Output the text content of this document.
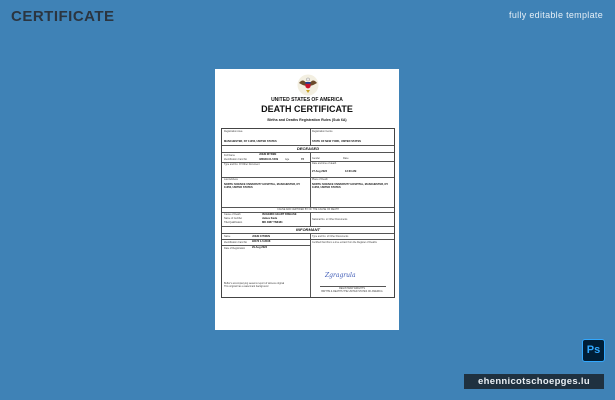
CERTIFICATE	fully editable template
UNITED STATES OF AMERICA
DEATH CERTIFICATE
Births and Deaths Registration Rules (Sub 6A)
Registration Area
MANCHESTER, NY 11356, UNITED STATES
Registration Centre
STATE OF NEW YORK, UNITED STATES
DECEASED
Full Name	JOHN MYDEN
Identification Card No	480948-01-5409	Age	72
Type and No. Of Other Document
Gender	Race
Date and time of death
27 Aug 2022	12:30 AM
Last Address
NORTH SCIENCE UNIVERSITY HOSPITAL, MANCHESTER, NY 11356, UNITED STATES
Place of Death
NORTH SCIENCE UNIVERSITY HOSPITAL, MANCHESTER, NY 11356, UNITED STATES
CAUSE AND CERTIFIED BY OF THE CAUSE OF DEATH
Cause of Death	ISCHEMIC HEART DISEASE
Name of Certifier	James Kade
Title/Qualification	MD 4887 TN6484
National No. or Other Documents
INFORMANT
Name	JOHN CITIZEN
Identification Card No 92472 1-5-8168
Date of Registration	29 Aug 2022
Type and No. of Other Documents
Certified that this is a true extract from the Register of Deaths
Buffer's accompanying seasons report of witness original
This original has a watermark background
REGISTRAR WRIGHTS
BIRTHS & DEATHS THE UNITED STATES OF AMERICA
Zgragrula
Ps
ehennicotschoepges.lu
